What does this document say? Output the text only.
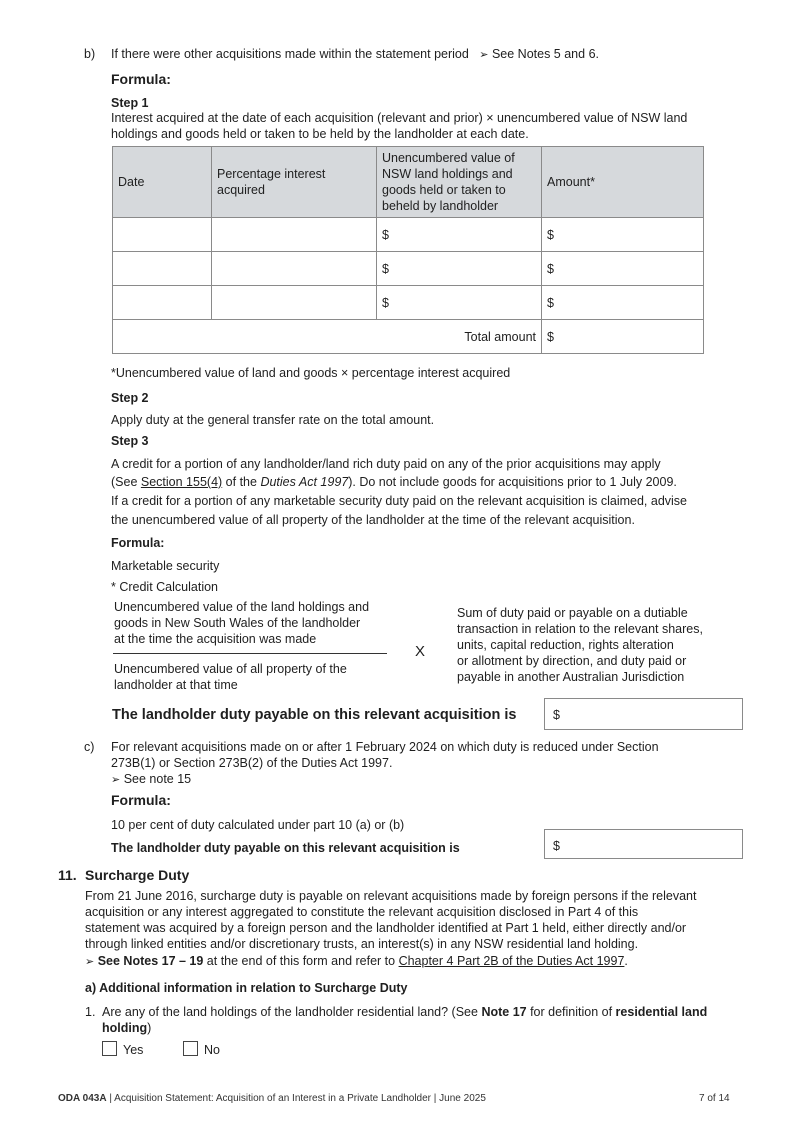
b) If there were other acquisitions made within the statement period ➢ See Notes 5 and 6.
Formula:
Step 1
Interest acquired at the date of each acquisition (relevant and prior) × unencumbered value of NSW land
holdings and goods held or taken to be held by the landholder at each date.
Date	Percentage interest acquired	Unencumbered value of NSW land holdings and goods held or taken to beheld by landholder	Amount*
		$	$
		$	$
		$	$
Total amount			$
*Unencumbered value of land and goods × percentage interest acquired
Step 2
Apply duty at the general transfer rate on the total amount.
Step 3
A credit for a portion of any landholder/land rich duty paid on any of the prior acquisitions may apply
(See Section 155(4) of the Duties Act 1997). Do not include goods for acquisitions prior to 1 July 2009.
If a credit for a portion of any marketable security duty paid on the relevant acquisition is claimed, advise
the unencumbered value of all property of the landholder at the time of the relevant acquisition.
Formula:
Marketable security
* Credit Calculation
Unencumbered value of the land holdings and
goods in New South Wales of the landholder
at the time the acquisition was made
Unencumbered value of all property of the
landholder at that time
X
Sum of duty paid or payable on a dutiable
transaction in relation to the relevant shares,
units, capital reduction, rights alteration
or allotment by direction, and duty paid or
payable in another Australian Jurisdiction
The landholder duty payable on this relevant acquisition is	$
c) For relevant acquisitions made on or after 1 February 2024 on which duty is reduced under Section
273B(1) or Section 273B(2) of the Duties Act 1997.
➢ See note 15
Formula:
10 per cent of duty calculated under part 10 (a) or (b)
The landholder duty payable on this relevant acquisition is	$
11. Surcharge Duty
From 21 June 2016, surcharge duty is payable on relevant acquisitions made by foreign persons if the relevant
acquisition or any interest aggregated to constitute the relevant acquisition disclosed in Part 4 of this
statement was acquired by a foreign person and the landholder identified at Part 1 held, either directly and/or
through linked entities and/or discretionary trusts, an interest(s) in any NSW residential land holding.
➢ See Notes 17 – 19 at the end of this form and refer to Chapter 4 Part 2B of the Duties Act 1997.
a) Additional information in relation to Surcharge Duty
1. Are any of the land holdings of the landholder residential land? (See Note 17 for definition of residential land
holding)
Yes	No
ODA 043A | Acquisition Statement: Acquisition of an Interest in a Private Landholder | June 2025	7 of 14
